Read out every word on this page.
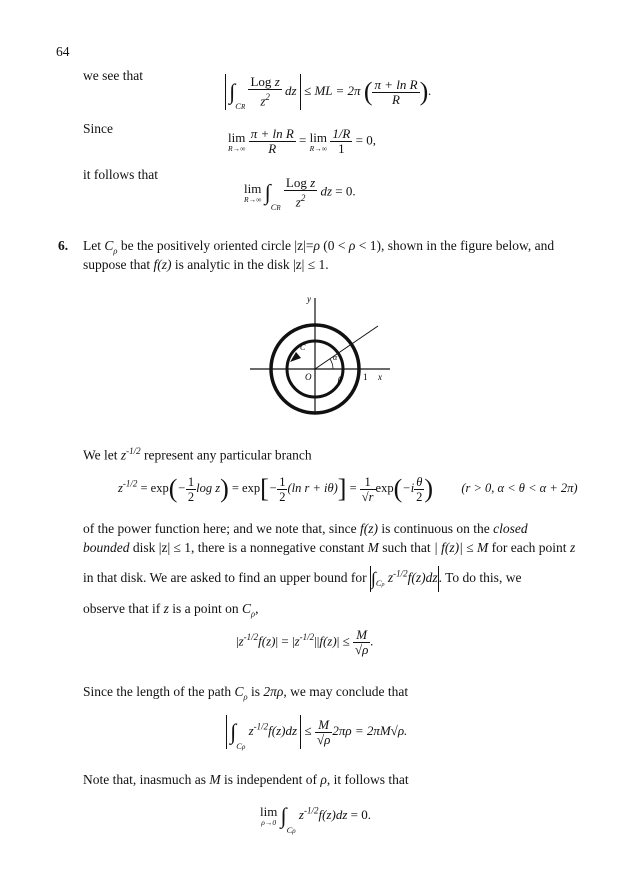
64
we see that
$\int_{CR} \frac{\text{Log z}}{z^2}$ dz ≤ ML = 2π ( $\frac{\text{π + ln R}}{R}$ ).
Since
lim
R→∞
$\frac{\text{π + ln R}}{R} = \lim$
R→∞
$\frac{1/R}{1} = 0$,
it follows that
lim
R→∞ $\int_{CR} \frac{\text{Log z}}{z^2}$ dz = 0.
6. Let $C_\rho$ be the positively oriented circle |z|=ρ (0 < ρ < 1), shown in the figure below, and
suppose that f(z) is analytic in the disk |z| ≤ 1.
y
x
O	ρ 1
α
C
We let $z^{-1/2}$ represent any particular branch
$z^{-1/2} = \exp(- \frac{1}{2}$ $\log z) = \exp[- \frac{1}{2} (\ln$ $r + i\theta)] = \frac{1}{√r} \exp(-i \frac{\theta}{2}$ ) (r > 0, α < θ < α + 2π)
of the power function here; and we note that, since f(z) is continuous on the closed
bounded disk |z| ≤ 1, there is a nonnegative constant M such that | f(z)| ≤ M for each point z
in that disk. We are asked to find an upper bound for $\int_{C\rho}$ $z^{-1/2}f(z)dz$. To do this, we
observe that if z is a point on $C_\rho$,
$|z^{-1/2}f(z)| = |z^{-1/2}||f(z)| \le \frac{M}{√\rho}$ .
Since the length of the path $C_\rho$ is 2πρ, we may conclude that
$\int_{C\rho}$ $z^{-1/2}f(z)dz \le \frac{M}{√\rho} 2\pi\rho = 2\pi M√\rho$.
Note that, inasmuch as M is independent of ρ, it follows that
lim
ρ→0 $\int_{C\rho}$ $z^{-1/2}f(z)dz = 0$.
